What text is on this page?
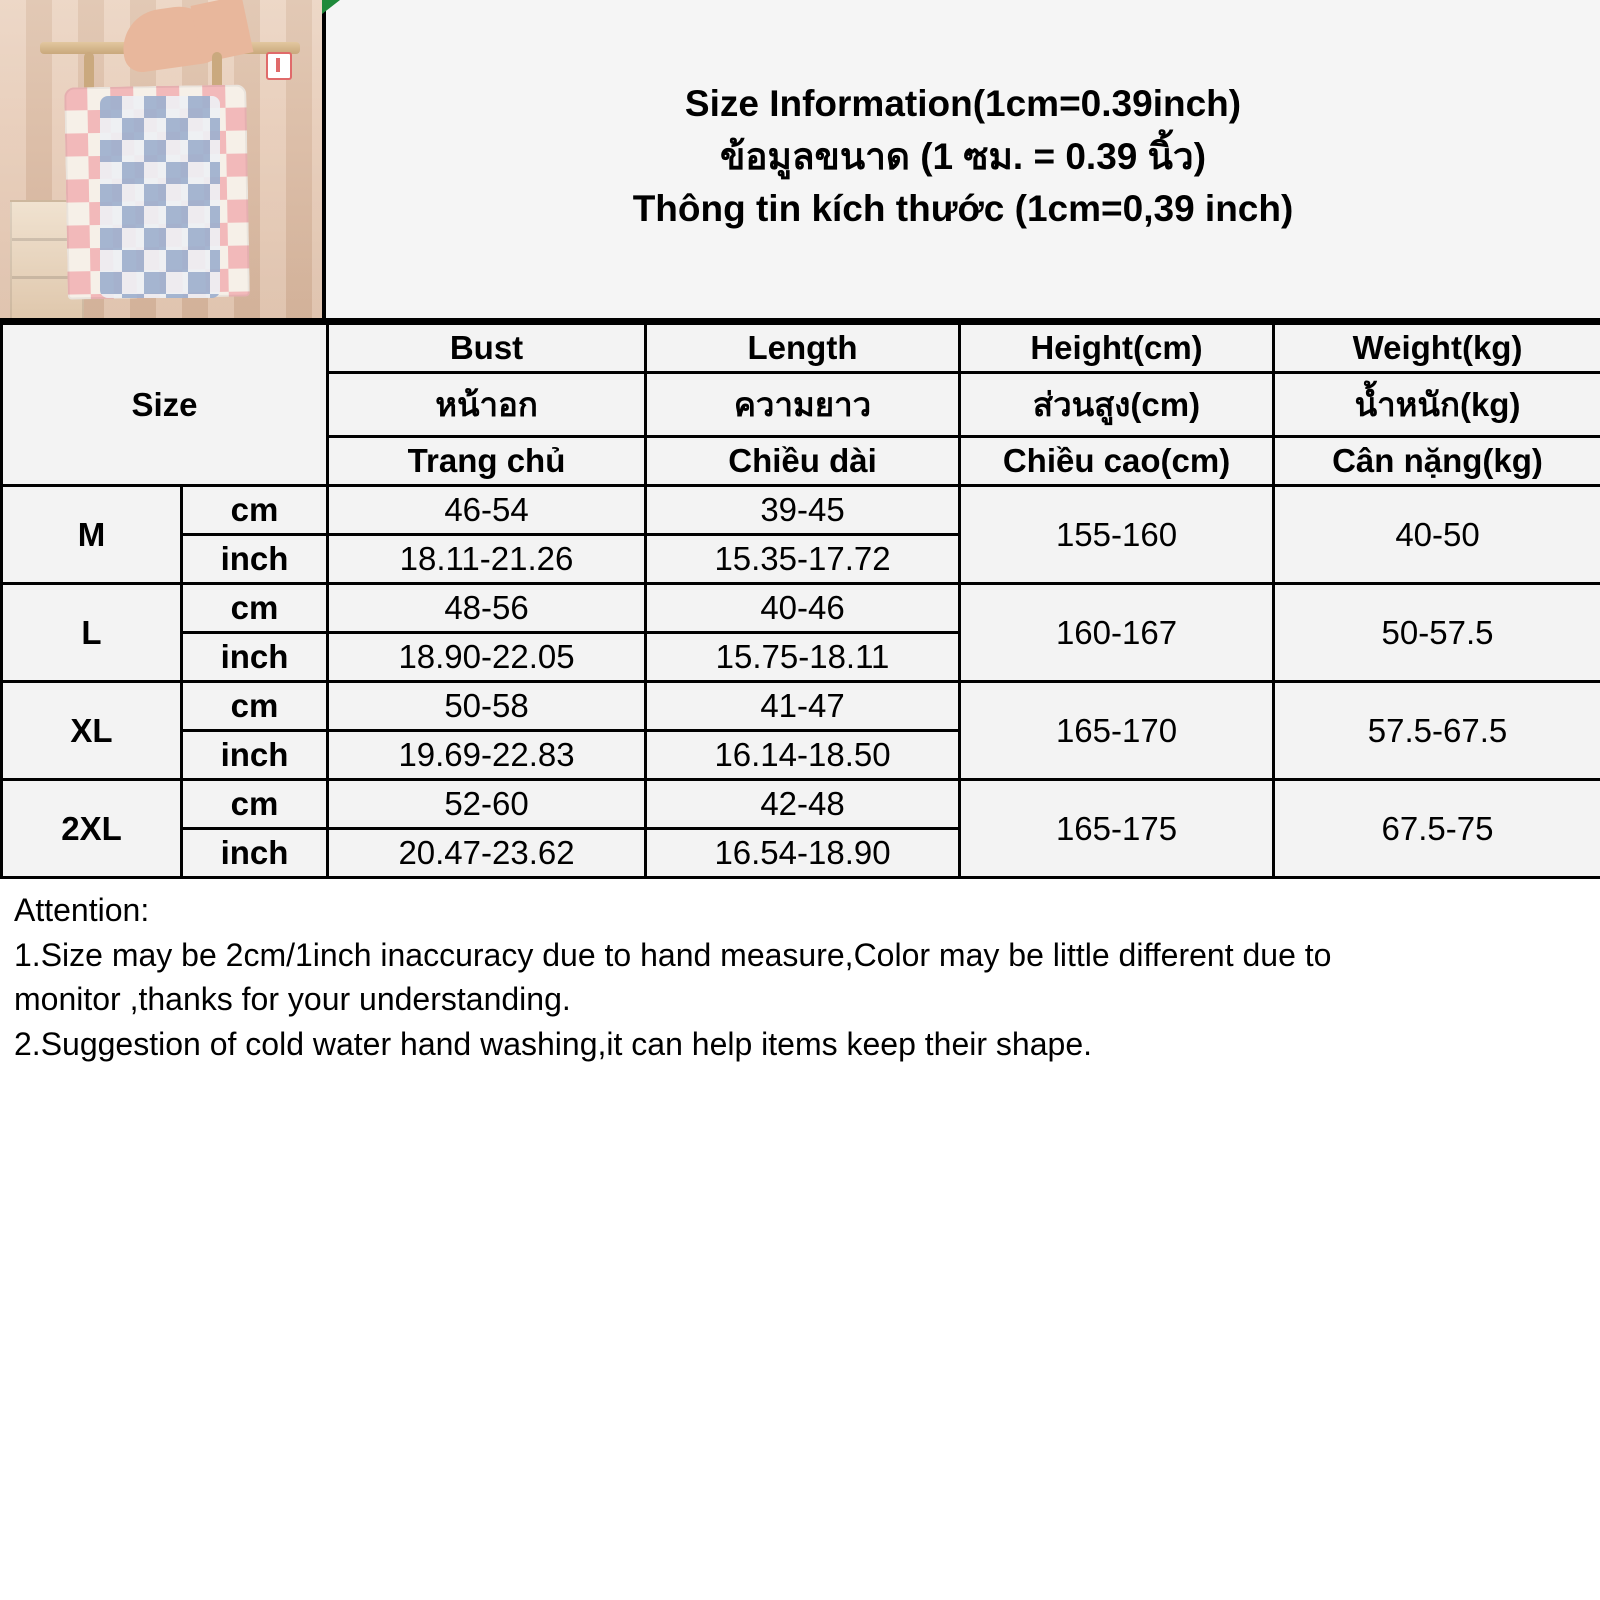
Size Information(1cm=0.39inch)
ข้อมูลขนาด (1 ซม. = 0.39 นิ้ว)
Thông tin kích thước (1cm=0,39 inch)
Size		Bust	Length	Height(cm)	Weight(kg)
		หน้าอก	ความยาว	ส่วนสูง(cm)	น้ำหนัก(kg)
		Trang chủ	Chiều dài	Chiều cao(cm)	Cân nặng(kg)
M	cm	46-54	39-45	155-160	40-50
	inch	18.11-21.26	15.35-17.72		
L	cm	48-56	40-46	160-167	50-57.5
	inch	18.90-22.05	15.75-18.11		
XL	cm	50-58	41-47	165-170	57.5-67.5
	inch	19.69-22.83	16.14-18.50		
2XL	cm	52-60	42-48	165-175	67.5-75
	inch	20.47-23.62	16.54-18.90		

Attention:

1.Size may be 2cm/1inch inaccuracy due to hand measure,Color may be little different due to

monitor ,thanks for your understanding.

2.Suggestion of cold water hand washing,it can help items keep their shape.
